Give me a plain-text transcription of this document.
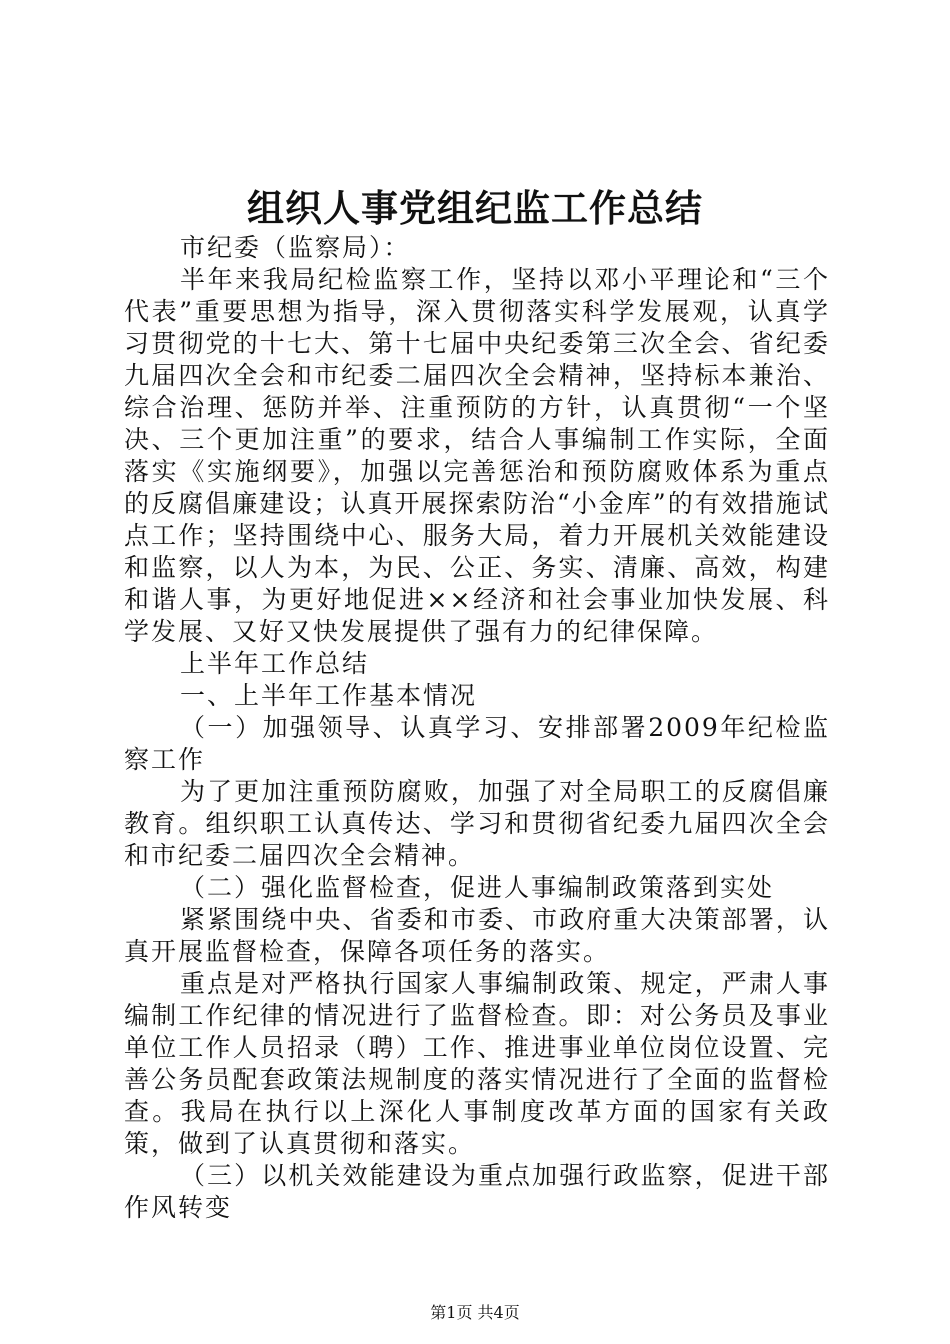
组织人事党组纪监工作总结

市纪委（监察局）：

半年来我局纪检监察工作，坚持以邓小平理论和“三个代表”重要思想为指导，深入贯彻落实科学发展观，认真学习贯彻党的十七大、第十七届中央纪委第三次全会、省纪委九届四次全会和市纪委二届四次全会精神，坚持标本兼治、综合治理、惩防并举、注重预防的方针，认真贯彻“一个坚决、三个更加注重”的要求，结合人事编制工作实际，全面落实《实施纲要》，加强以完善惩治和预防腐败体系为重点的反腐倡廉建设；认真开展探索防治“小金库”的有效措施试点工作；坚持围绕中心、服务大局，着力开展机关效能建设和监察，以人为本，为民、公正、务实、清廉、高效，构建和谐人事，为更好地促进××经济和社会事业加快发展、科学发展、又好又快发展提供了强有力的纪律保障。

上半年工作总结

一、上半年工作基本情况

（一）加强领导、认真学习、安排部署2009年纪检监察工作

为了更加注重预防腐败，加强了对全局职工的反腐倡廉教育。组织职工认真传达、学习和贯彻省纪委九届四次全会和市纪委二届四次全会精神。

（二）强化监督检查，促进人事编制政策落到实处

紧紧围绕中央、省委和市委、市政府重大决策部署，认真开展监督检查，保障各项任务的落实。

重点是对严格执行国家人事编制政策、规定，严肃人事编制工作纪律的情况进行了监督检查。即：对公务员及事业单位工作人员招录（聘）工作、推进事业单位岗位设置、完善公务员配套政策法规制度的落实情况进行了全面的监督检查。我局在执行以上深化人事制度改革方面的国家有关政策，做到了认真贯彻和落实。

（三）以机关效能建设为重点加强行政监察，促进干部作风转变

第1页 共4页
